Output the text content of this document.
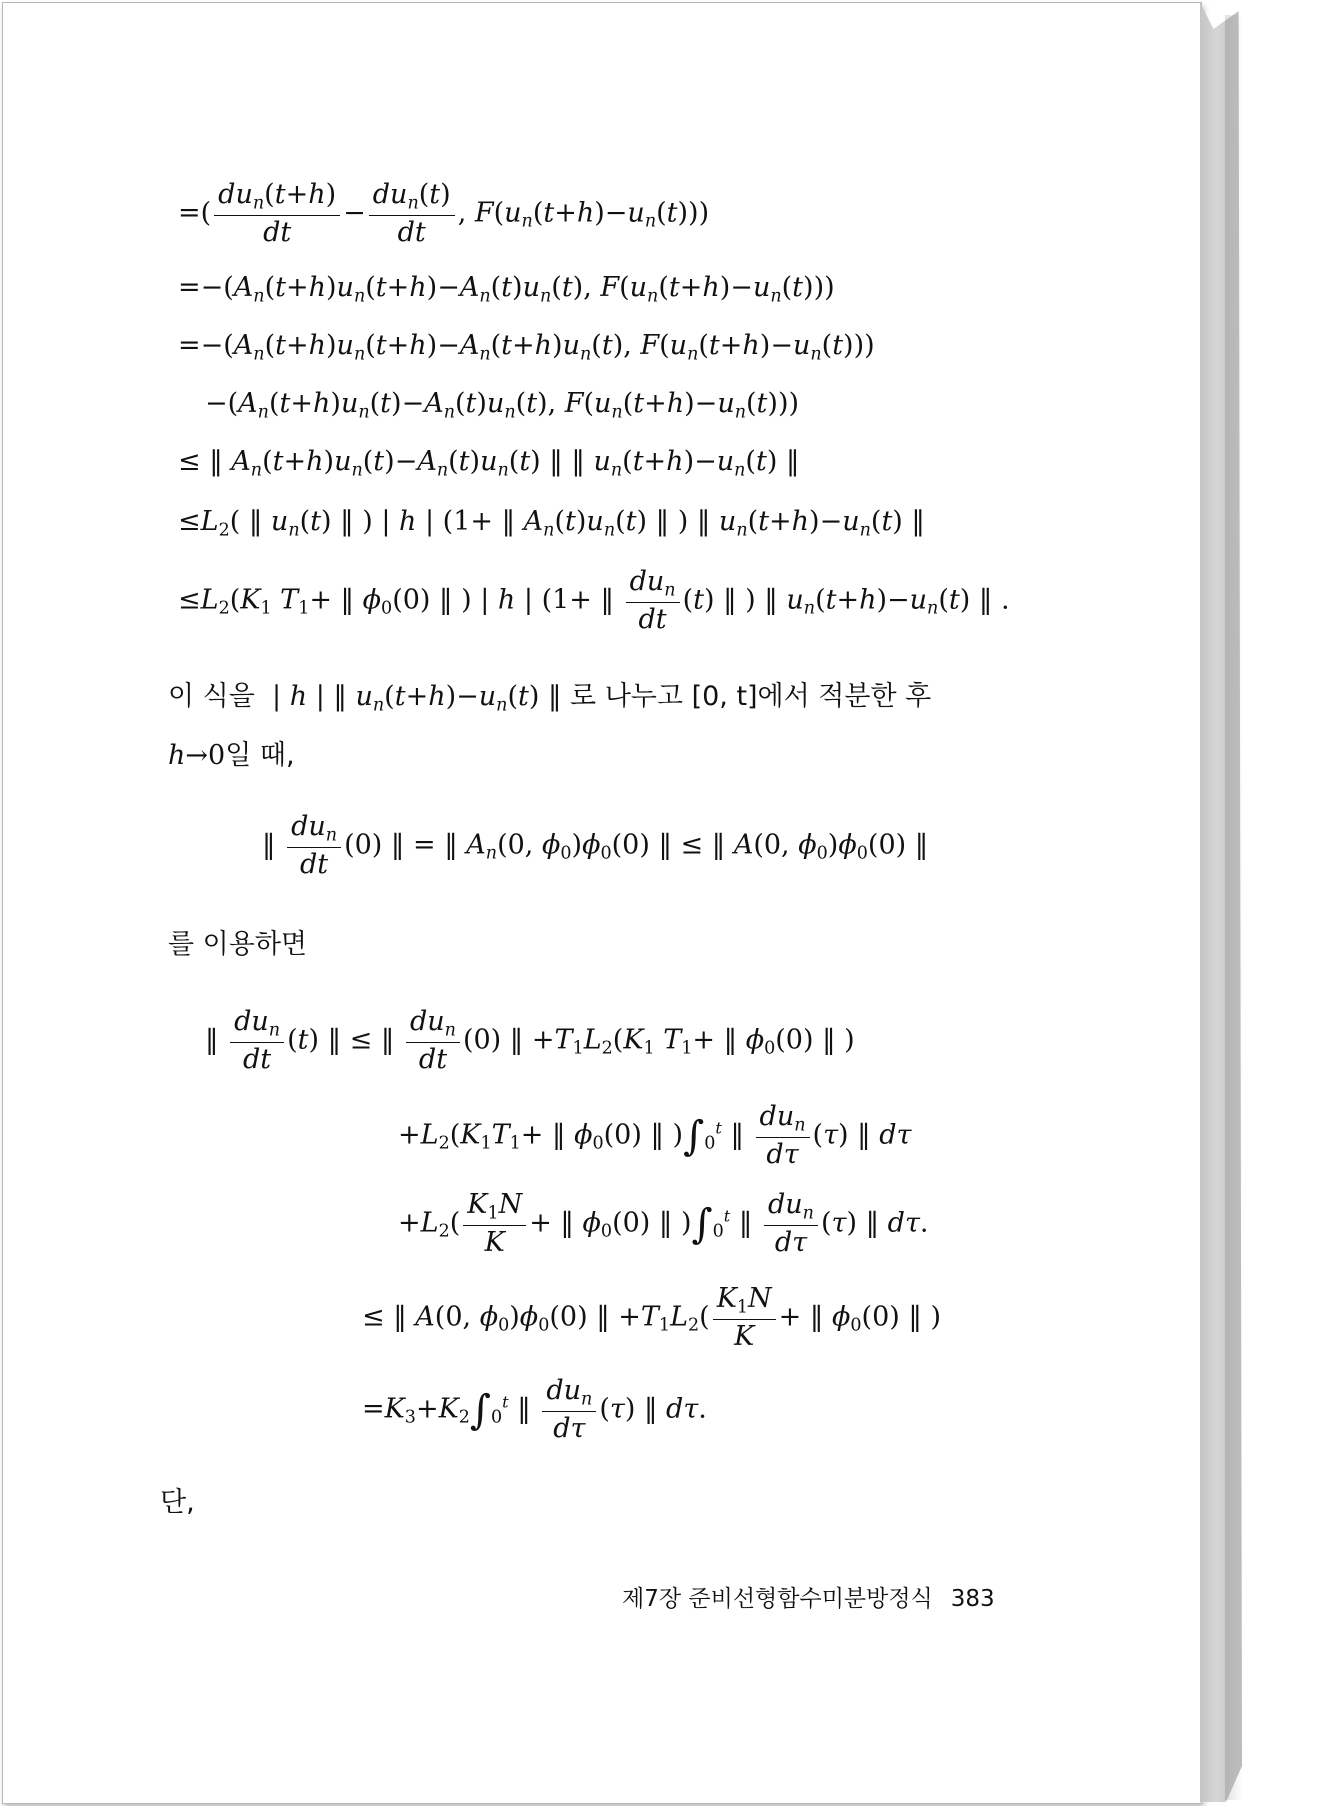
=( $\frac{du_n(t+h)}{dt} - \frac{du_n(t)}{dt}$ , $F(u_n(t+h)-u_n(t))$)
$=-(A_n(t+h)u_n(t+h)-A_n(t)u_n(t)$, $F(u_n(t+h)-u_n(t))$)
$=-(A_n(t+h)u_n(t+h)-A_n(t+h)u_n(t)$, $F(u_n(t+h)-u_n(t))$)
$-(A_n(t+h)u_n(t)-A_n(t)u_n(t)$, $F(u_n(t+h)-u_n(t))$)
≤ ‖ $A_n(t+h)u_n(t)-A_n(t)u_n(t)$ ‖ ‖ $u_n(t+h)-u_n(t)$ ‖
$\le L_2$( ‖ $u_n(t)$ ‖ ) | h | (1+ ‖ $A_n(t)u_n(t)$ ‖ ) ‖ $u_n(t+h)-u_n(t)$ ‖
$\le L_2(K_1$ $T_1+$ ‖ $\phi_0(0)$ ‖ ) | h | (1+ ‖ $\frac{du_n}{dt} (t)$ ‖ ) ‖ $u_n(t+h)-u_n(t)$ ‖ .
이 식을 | h | ‖ $u_n(t+h)-u_n(t)$ ‖ 로 나누고 [0, t]에서 적분한 후
h→0일 때,
‖ $\frac{du_n}{dt} (0)$ ‖ = ‖ $A_n(0$, $\phi_0)\phi_0(0)$ ‖ ≤ ‖ A(0, $\phi_0)\phi_0(0)$ ‖
를 이용하면
‖ $\frac{du_n}{dt} (t)$ ‖ ≤ ‖ $\frac{du_n}{dt} (0)$ ‖ $+T_1L_2(K_1$ $T_1+$ ‖ $\phi_0(0)$ ‖ )
$+L_2(K_1T_1+$ ‖ $\phi_0(0)$ ‖ )$\int_0^t$ ‖ $\frac{du_n}{d\tau} (\tau)$ ‖ dτ
$+L_2( \frac{K_1N}{K}$ + ‖ $\phi_0(0)$ ‖ )$\int_0^t$ ‖ $\frac{du_n}{d\tau} (\tau)$ ‖ dτ.
≤ ‖ A(0, $\phi_0)\phi_0(0)$ ‖ $+T_1L_2( \frac{K_1N}{K}$ + ‖ $\phi_0(0)$ ‖ )
$=K_3+K_2\int_0^t$ ‖ $\frac{du_n}{d\tau} (\tau)$ ‖ dτ.
단,
제7장 준비선형함수미분방정식 383
